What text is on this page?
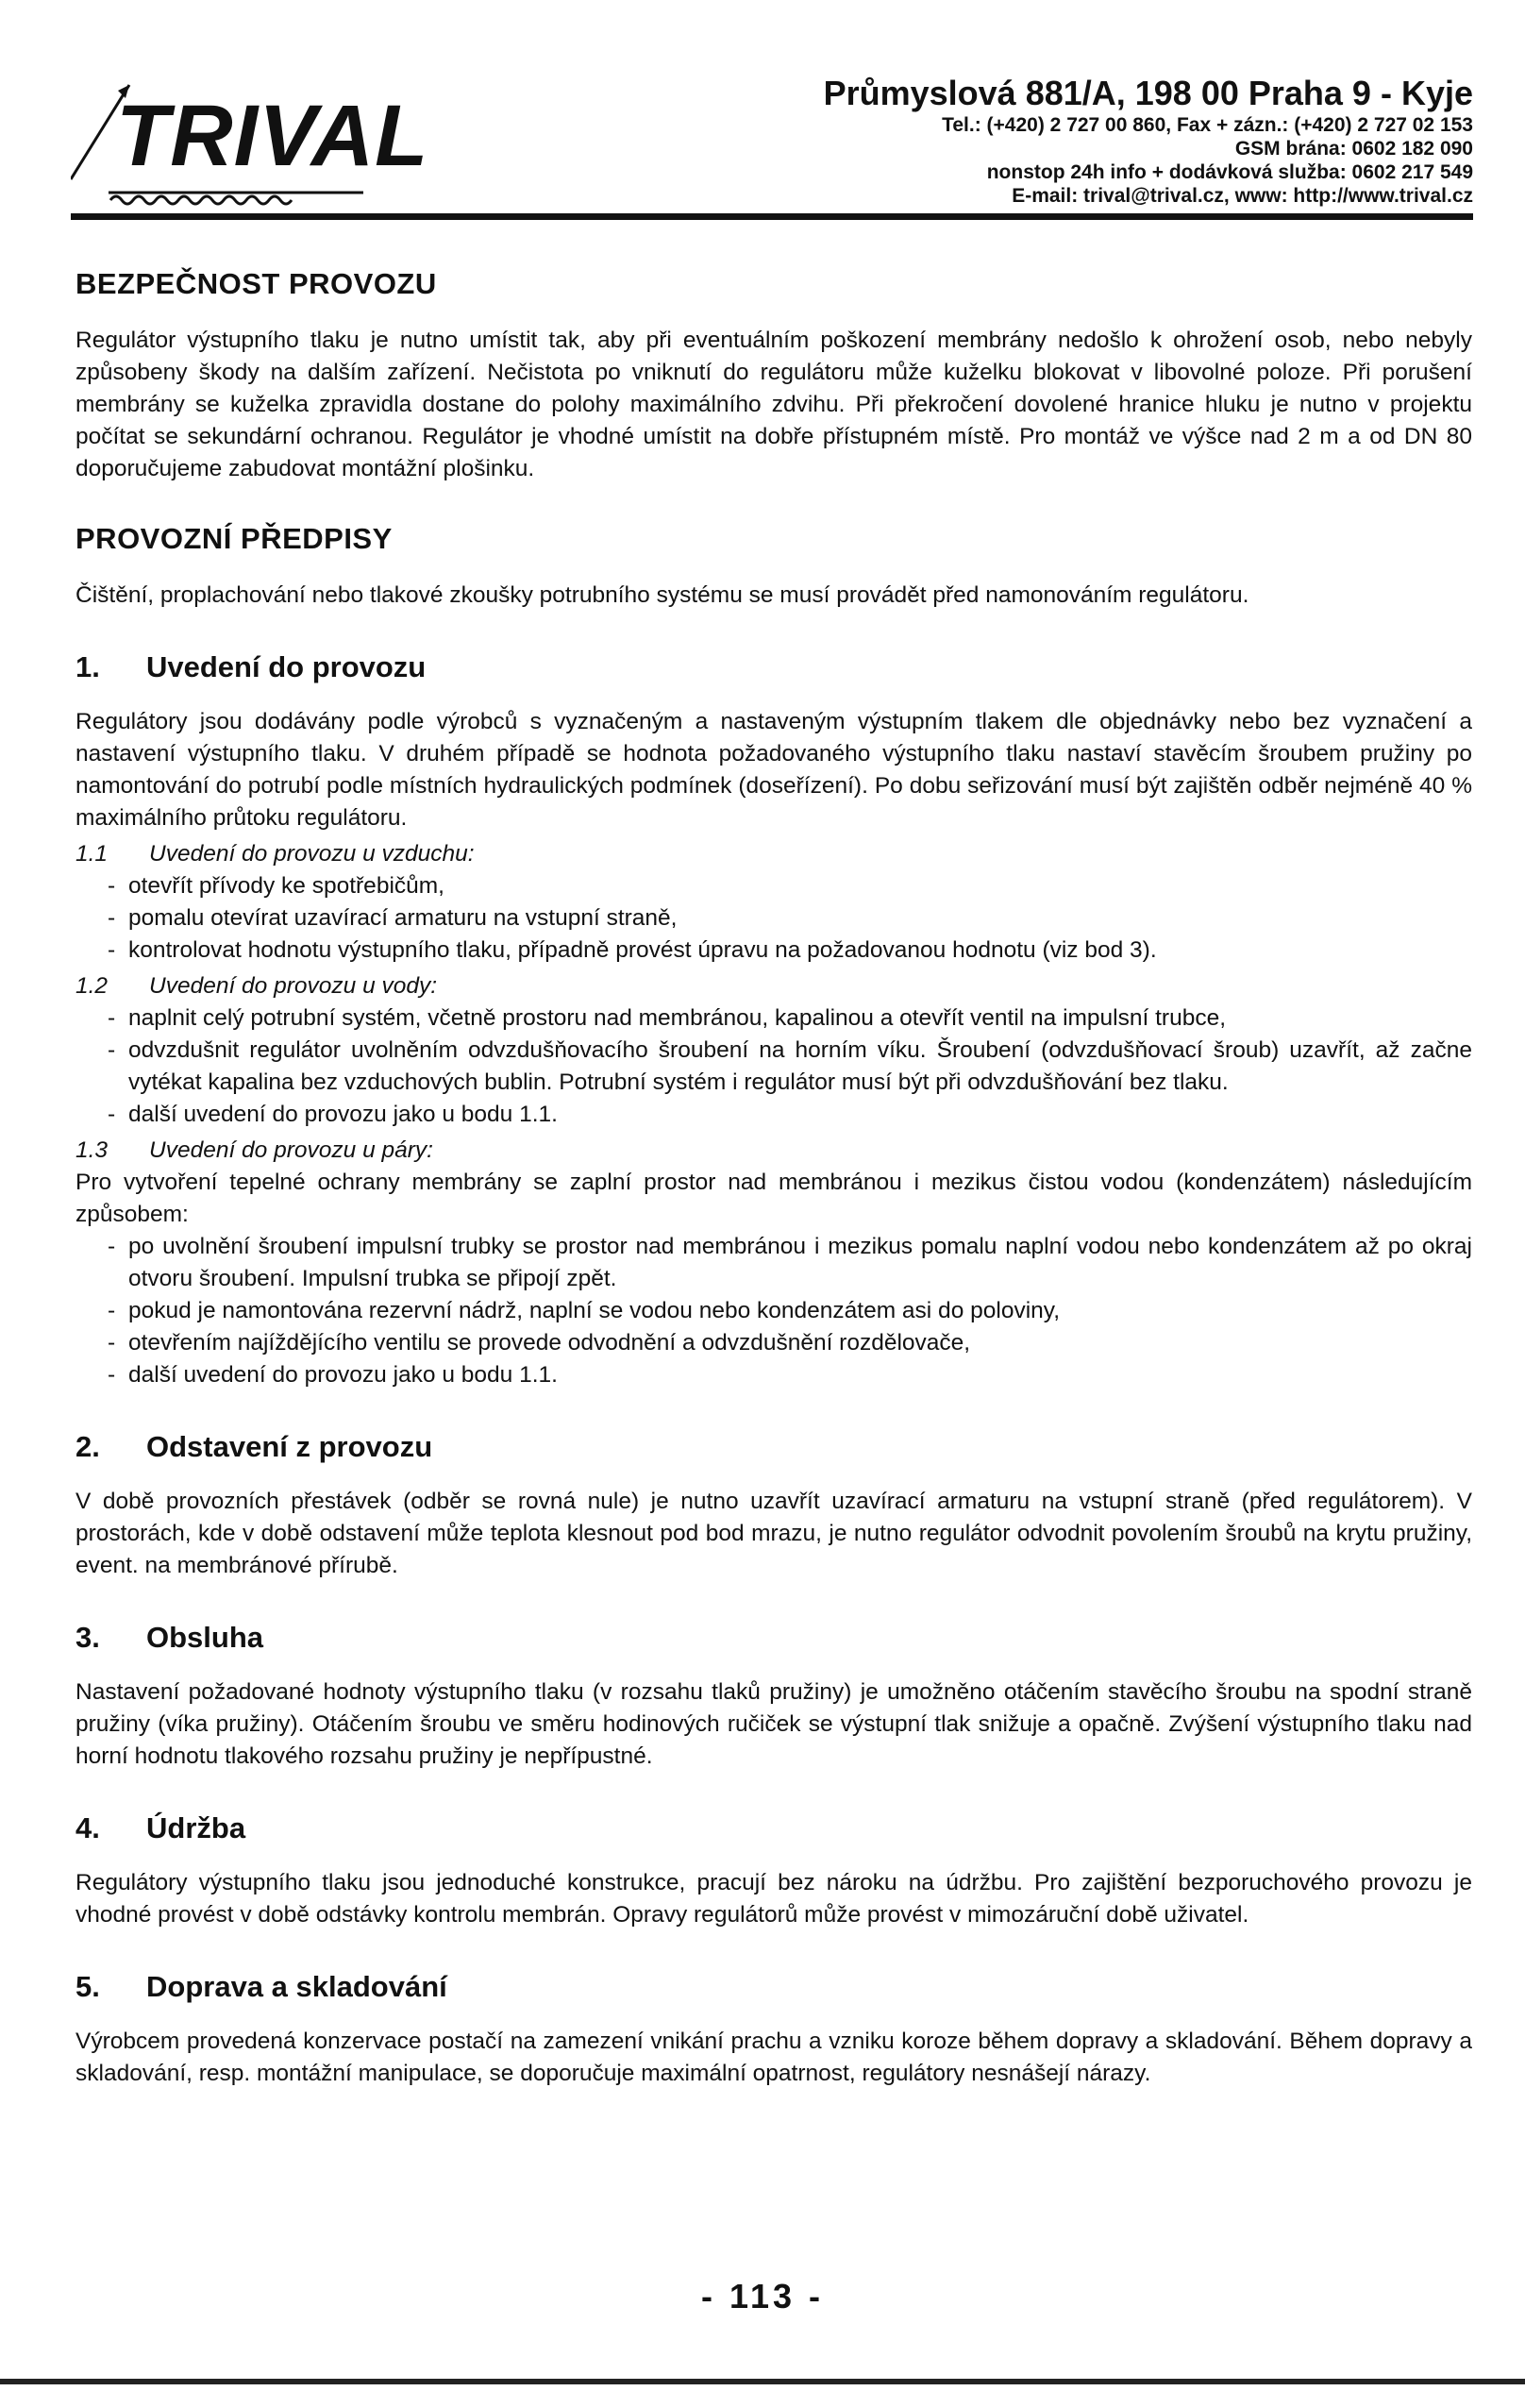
TRIVAL	Průmyslová 881/A, 198 00 Praha 9 - Kyje
Tel.: (+420) 2 727 00 860, Fax + zázn.: (+420) 2 727 02 153
GSM brána: 0602 182 090
nonstop 24h info + dodávková služba: 0602 217 549
E-mail: trival@trival.cz, www: http://www.trival.cz
BEZPEČNOST PROVOZU

Regulátor výstupního tlaku je nutno umístit tak, aby při eventuálním poškození membrány nedošlo k ohrožení osob, nebo nebyly způsobeny škody na dalším zařízení. Nečistota po vniknutí do regulátoru může kuželku blokovat v libovolné poloze. Při porušení membrány se kuželka zpravidla dostane do polohy maximálního zdvihu. Při překročení dovolené hranice hluku je nutno v projektu počítat se sekundární ochranou. Regulátor je vhodné umístit na dobře přístupném místě. Pro montáž ve výšce nad 2 m a od DN 80 doporučujeme zabudovat montážní plošinku.

PROVOZNÍ PŘEDPISY

Čištění, proplachování nebo tlakové zkoušky potrubního systému se musí provádět před namonováním regulátoru.

1.	Uvedení do provozu

Regulátory jsou dodávány podle výrobců s vyznačeným a nastaveným výstupním tlakem dle objednávky nebo bez vyznačení a nastavení výstupního tlaku. V druhém případě se hodnota požadovaného výstupního tlaku nastaví stavěcím šroubem pružiny po namontování do potrubí podle místních hydraulických podmínek (doseřízení). Po dobu seřizování musí být zajištěn odběr nejméně 40 % maximálního průtoku regulátoru.

1.1	Uvedení do provozu u vzduchu:
- otevřít přívody ke spotřebičům,
- pomalu otevírat uzavírací armaturu na vstupní straně,
- kontrolovat hodnotu výstupního tlaku, případně provést úpravu na požadovanou hodnotu (viz bod 3).
1.2	Uvedení do provozu u vody:
- naplnit celý potrubní systém, včetně prostoru nad membránou, kapalinou a otevřít ventil na impulsní trubce,
- odvzdušnit regulátor uvolněním odvzdušňovacího šroubení na horním víku. Šroubení (odvzdušňovací šroub) uzavřít, až začne vytékat kapalina bez vzduchových bublin. Potrubní systém i regulátor musí být při odvzdušňování bez tlaku.
- další uvedení do provozu jako u bodu 1.1.
1.3	Uvedení do provozu u páry:

Pro vytvoření tepelné ochrany membrány se zaplní prostor nad membránou i mezikus čistou vodou (kondenzátem) následujícím způsobem:

- po uvolnění šroubení impulsní trubky se prostor nad membránou i mezikus pomalu naplní vodou nebo kondenzátem až po okraj otvoru šroubení. Impulsní trubka se připojí zpět.
- pokud je namontována rezervní nádrž, naplní se vodou nebo kondenzátem asi do poloviny,
- otevřením najíždějícího ventilu se provede odvodnění a odvzdušnění rozdělovače,
- další uvedení do provozu jako u bodu 1.1.
2.	Odstavení z provozu

V době provozních přestávek (odběr se rovná nule) je nutno uzavřít uzavírací armaturu na vstupní straně (před regulátorem). V prostorách, kde v době odstavení může teplota klesnout pod bod mrazu, je nutno regulátor odvodnit povolením šroubů na krytu pružiny, event. na membránové přírubě.

3.	Obsluha

Nastavení požadované hodnoty výstupního tlaku (v rozsahu tlaků pružiny) je umožněno otáčením stavěcího šroubu na spodní straně pružiny (víka pružiny). Otáčením šroubu ve směru hodinových ručiček se výstupní tlak snižuje a opačně. Zvýšení výstupního tlaku nad horní hodnotu tlakového rozsahu pružiny je nepřípustné.

4.	Údržba

Regulátory výstupního tlaku jsou jednoduché konstrukce, pracují bez nároku na údržbu. Pro zajištění bezporuchového provozu je vhodné provést v době odstávky kontrolu membrán. Opravy regulátorů může provést v mimozáruční době uživatel.

5.	Doprava a skladování

Výrobcem provedená konzervace postačí na zamezení vnikání prachu a vzniku koroze během dopravy a skladování. Během dopravy a skladování, resp. montážní manipulace, se doporučuje maximální opatrnost, regulátory nesnášejí nárazy.

- 113 -
